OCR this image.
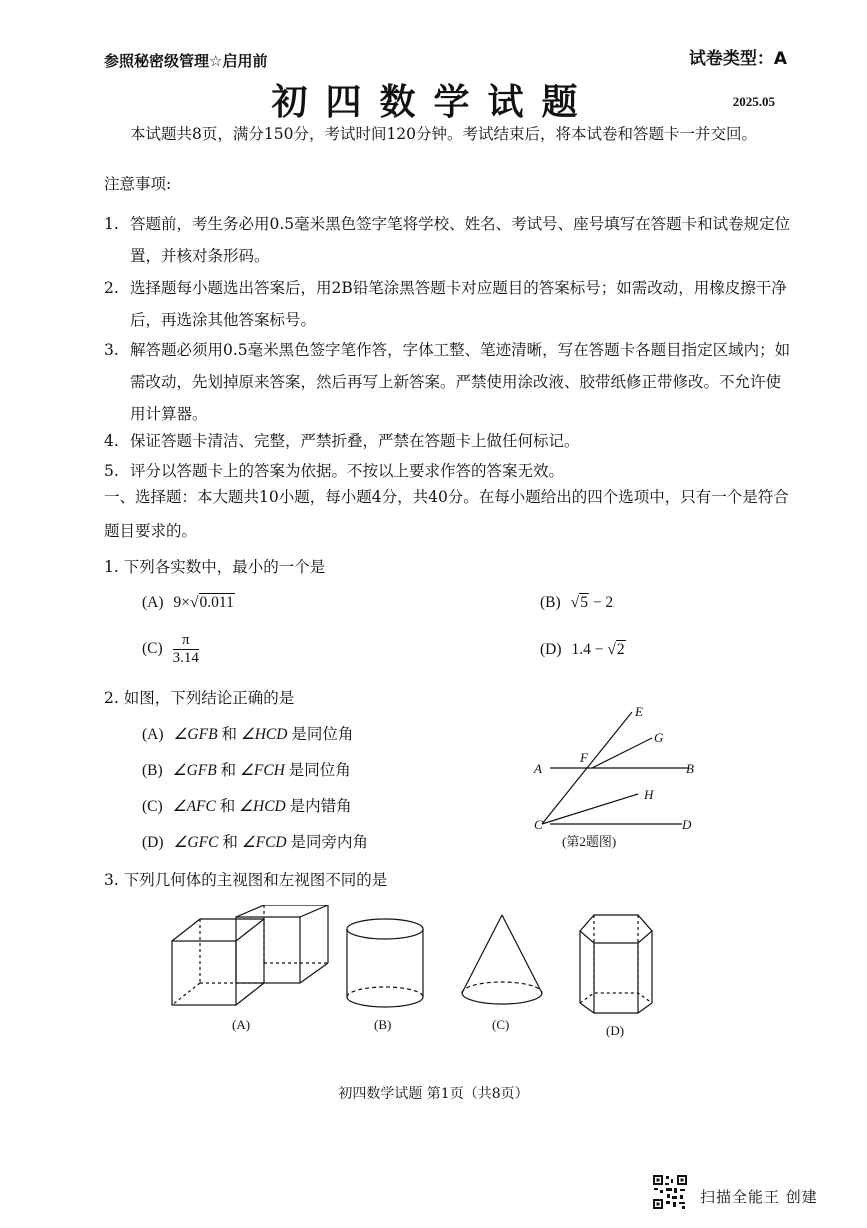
参照秘密级管理☆启用前	试卷类型：A
初四数学试题	2025.05
本试题共8页，满分150分，考试时间120分钟。考试结束后，将本试卷和答题卡一并交回。
注意事项:
1. 答题前，考生务必用0.5毫米黑色签字笔将学校、姓名、考试号、座号填写在答题卡和试卷规定位置，并核对条形码。
2. 选择题每小题选出答案后，用2B铅笔涂黑答题卡对应题目的答案标号；如需改动，用橡皮擦干净后，再选涂其他答案标号。
3. 解答题必须用0.5毫米黑色签字笔作答，字体工整、笔迹清晰，写在答题卡各题目指定区域内；如需改动，先划掉原来答案，然后再写上新答案。严禁使用涂改液、胶带纸修正带修改。不允许使用计算器。
4. 保证答题卡清洁、完整，严禁折叠，严禁在答题卡上做任何标记。
5. 评分以答题卡上的答案为依据。不按以上要求作答的答案无效。
一、选择题：本大题共10小题，每小题4分，共40分。在每小题给出的四个选项中，只有一个是符合题目要求的。
1. 下列各实数中，最小的一个是
(A) 9×√0.011	(B) √5 − 2
$(C) \frac{\pi}{3.14}$	(D) 1.4 − √2
2. 如图，下列结论正确的是
(A) ∠GFB 和 ∠HCD 是同位角
(B) ∠GFB 和 ∠FCH 是同位角
(C) ∠AFC 和 ∠HCD 是内错角
(D) ∠GFC 和 ∠FCD 是同旁内角
E
G
A
F
B
H
C	D
(第2题图)
3. 下列几何体的主视图和左视图不同的是
(A)	(B)	(C)	(D)
初四数学试题 第1页（共8页）
扫描全能王 创建
